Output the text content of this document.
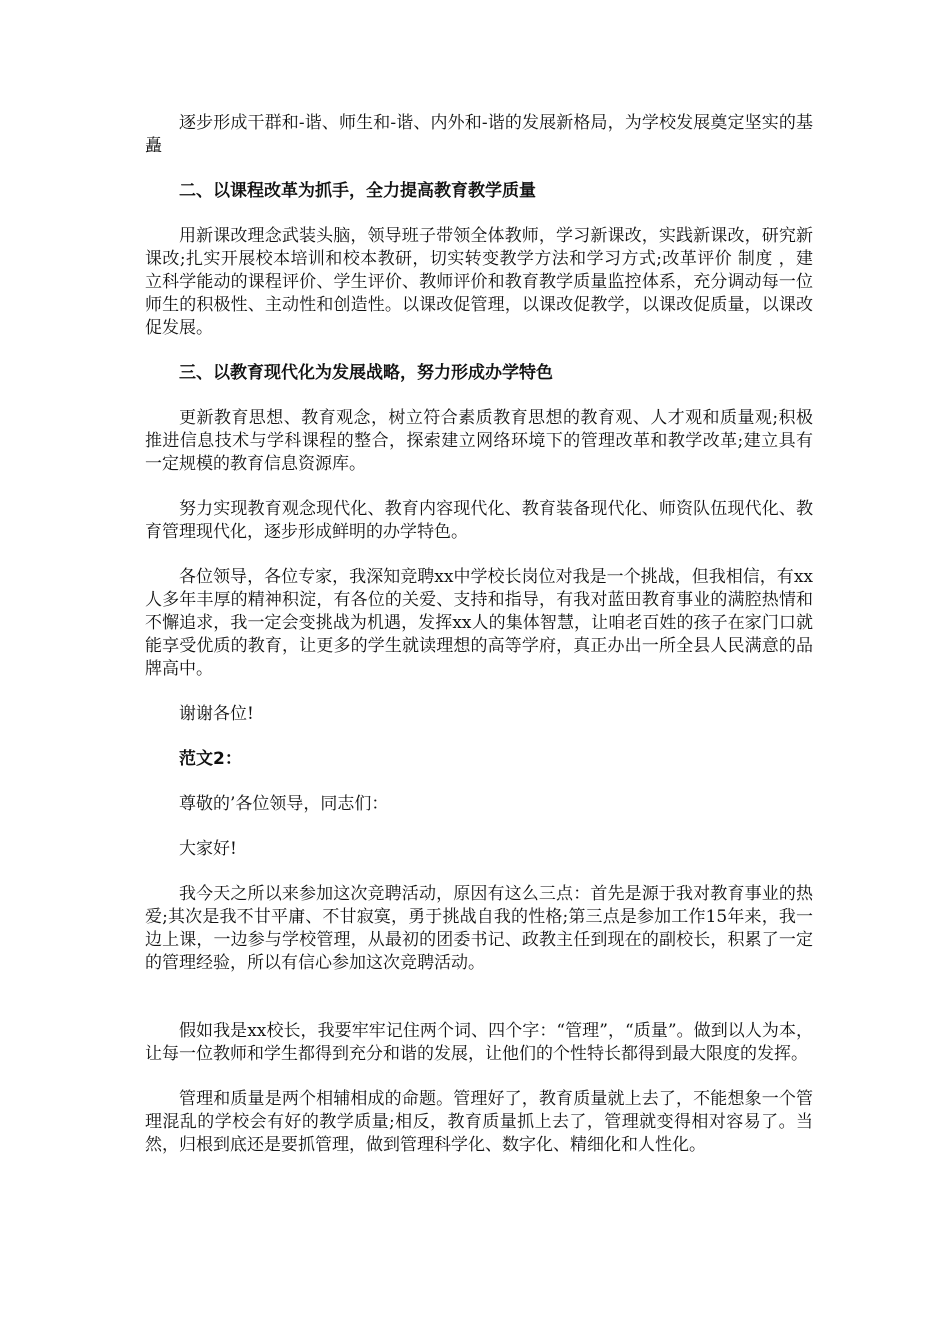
逐步形成干群和-谐、师生和-谐、内外和-谐的发展新格局，为学校发展奠定坚实的基矗

二、以课程改革为抓手，全力提高教育教学质量

用新课改理念武装头脑，领导班子带领全体教师，学习新课改，实践新课改，研究新课改;扎实开展校本培训和校本教研，切实转变教学方法和学习方式;改革评价 制度 ，建立科学能动的课程评价、学生评价、教师评价和教育教学质量监控体系，充分调动每一位师生的积极性、主动性和创造性。以课改促管理，以课改促教学，以课改促质量，以课改促发展。

三、以教育现代化为发展战略，努力形成办学特色

更新教育思想、教育观念，树立符合素质教育思想的教育观、人才观和质量观;积极推进信息技术与学科课程的整合，探索建立网络环境下的管理改革和教学改革;建立具有一定规模的教育信息资源库。

努力实现教育观念现代化、教育内容现代化、教育装备现代化、师资队伍现代化、教育管理现代化，逐步形成鲜明的办学特色。

各位领导，各位专家，我深知竞聘xx中学校长岗位对我是一个挑战，但我相信，有xx人多年丰厚的精神积淀，有各位的关爱、支持和指导，有我对蓝田教育事业的满腔热情和不懈追求，我一定会变挑战为机遇，发挥xx人的集体智慧，让咱老百姓的孩子在家门口就能享受优质的教育，让更多的学生就读理想的高等学府，真正办出一所全县人民满意的品牌高中。

谢谢各位!

范文2：

尊敬的’各位领导，同志们：

大家好!

我今天之所以来参加这次竞聘活动，原因有这么三点：首先是源于我对教育事业的热爱;其次是我不甘平庸、不甘寂寞，勇于挑战自我的性格;第三点是参加工作15年来，我一边上课，一边参与学校管理，从最初的团委书记、政教主任到现在的副校长，积累了一定的管理经验，所以有信心参加这次竞聘活动。

假如我是xx校长，我要牢牢记住两个词、四个字：“管理”，“质量”。做到以人为本，让每一位教师和学生都得到充分和谐的发展，让他们的个性特长都得到最大限度的发挥。

管理和质量是两个相辅相成的命题。管理好了，教育质量就上去了，不能想象一个管理混乱的学校会有好的教学质量;相反，教育质量抓上去了，管理就变得相对容易了。当然，归根到底还是要抓管理，做到管理科学化、数字化、精细化和人性化。
